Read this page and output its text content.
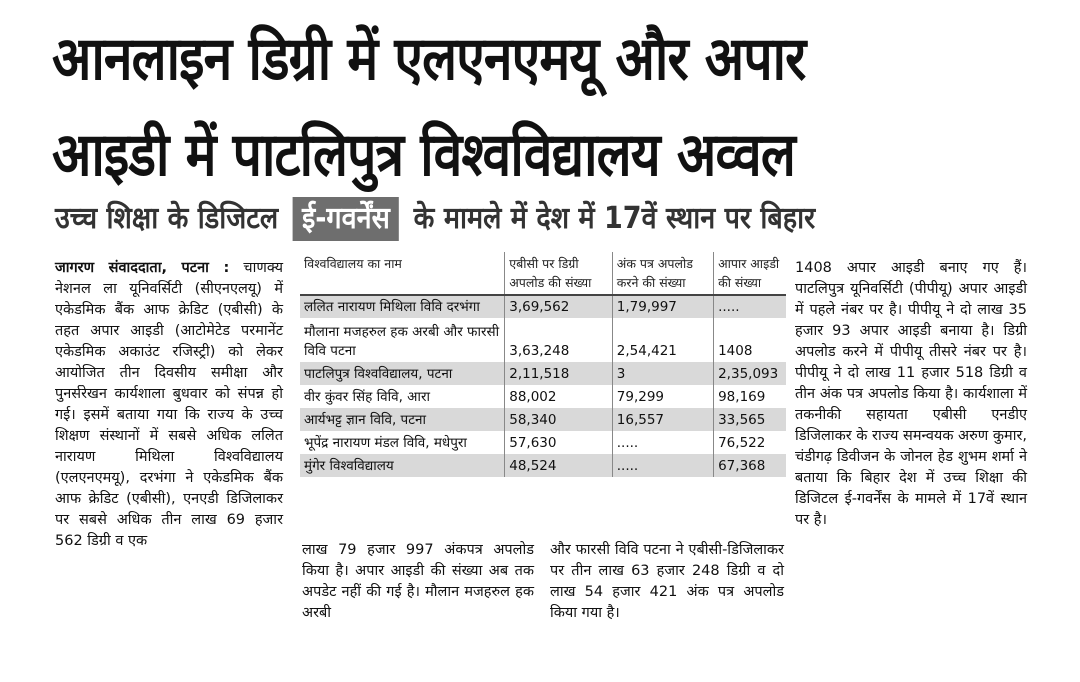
आनलाइन डिग्री में एलएनएमयू और अपार
आइडी में पाटलिपुत्र विश्वविद्यालय अव्वल
उच्च शिक्षा के डिजिटल ई-गवर्नेंस के मामले में देश में 17वें स्थान पर बिहार
जागरण संवाददाता, पटना : चाणक्य नेशनल ला यूनिवर्सिटी (सीएनएलयू) में एकेडमिक बैंक आफ क्रेडिट (एबीसी) के तहत अपार आइडी (आटोमेटेड परमानेंट एकेडमिक अकाउंट रजिस्ट्री) को लेकर आयोजित तीन दिवसीय समीक्षा और पुनर्सरेखन कार्यशाला बुधवार को संपन्न हो गई। इसमें बताया गया कि राज्य के उच्च शिक्षण संस्थानों में सबसे अधिक ललित नारायण मिथिला विश्वविद्यालय (एलएनएमयू), दरभंगा ने एकेडमिक बैंक आफ क्रेडिट (एबीसी), एनएडी डिजिलाकर पर सबसे अधिक तीन लाख 69 हजार 562 डिग्री व एक
विश्वविद्यालय का नाम	एबीसी पर डिग्री अपलोड की संख्या	अंक पत्र अपलोड करने की संख्या	आपार आइडी की संख्या
ललित नारायण मिथिला विवि दरभंगा	3,69,562	1,79,997	.....
मौलाना मजहरुल हक अरबी और फारसी विवि पटना	3,63,248	2,54,421	1408
पाटलिपुत्र विश्वविद्यालय, पटना	2,11,518	3	2,35,093
वीर कुंवर सिंह विवि, आरा	88,002	79,299	98,169
आर्यभट्ट ज्ञान विवि, पटना	58,340	16,557	33,565
भूपेंद्र नारायण मंडल विवि, मधेपुरा	57,630	.....	76,522
मुंगेर विश्वविद्यालय	48,524	.....	67,368
लाख 79 हजार 997 अंकपत्र अपलोड किया है। अपार आइडी की संख्या अब तक अपडेट नहीं की गई है। मौलान मजहरुल हक अरबी
और फारसी विवि पटना ने एबीसी-डिजिलाकर पर तीन लाख 63 हजार 248 डिग्री व दो लाख 54 हजार 421 अंक पत्र अपलोड किया गया है।
1408 अपार आइडी बनाए गए हैं। पाटलिपुत्र यूनिवर्सिटी (पीपीयू) अपार आइडी में पहले नंबर पर है। पीपीयू ने दो लाख 35 हजार 93 अपार आइडी बनाया है। डिग्री अपलोड करने में पीपीयू तीसरे नंबर पर है। पीपीयू ने दो लाख 11 हजार 518 डिग्री व तीन अंक पत्र अपलोड किया है। कार्यशाला में तकनीकी सहायता एबीसी एनडीए डिजिलाकर के राज्य समन्वयक अरुण कुमार, चंडीगढ़ डिवीजन के जोनल हेड शुभम शर्मा ने बताया कि बिहार देश में उच्च शिक्षा की डिजिटल ई-गवर्नेंस के मामले में 17वें स्थान पर है।
